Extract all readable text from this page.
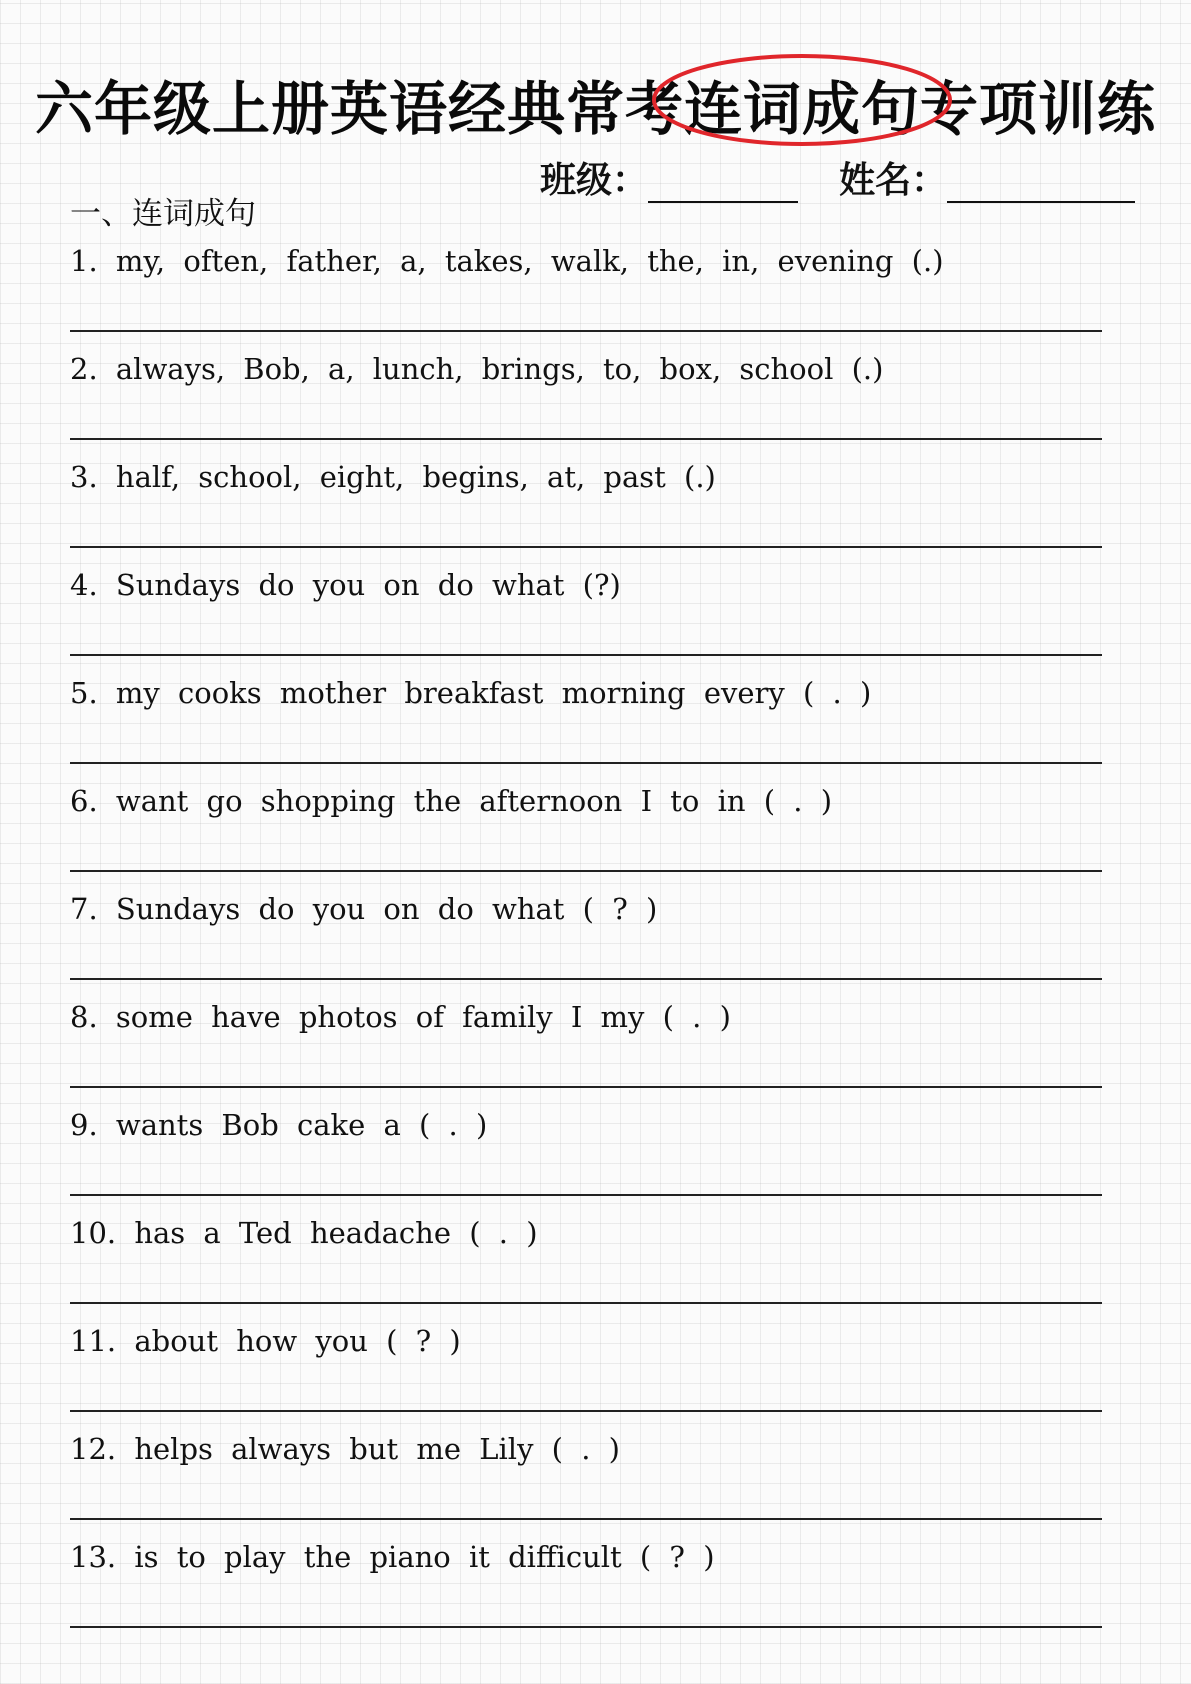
六年级上册英语经典常考连词成句专项训练
班级：	姓名：
一、连词成句
1. my, often, father, a, takes, walk, the, in, evening (.)
2. always, Bob, a, lunch, brings, to, box, school (.)
3. half, school, eight, begins, at, past (.)
4. Sundays do you on do what (?)
5. my cooks mother breakfast morning every ( . )
6. want go shopping the afternoon I to in ( . )
7. Sundays do you on do what ( ? )
8. some have photos of family I my ( . )
9. wants Bob cake a ( . )
10. has a Ted headache ( . )
11. about how you ( ? )
12. helps always but me Lily ( . )
13. is to play the piano it difficult ( ? )
